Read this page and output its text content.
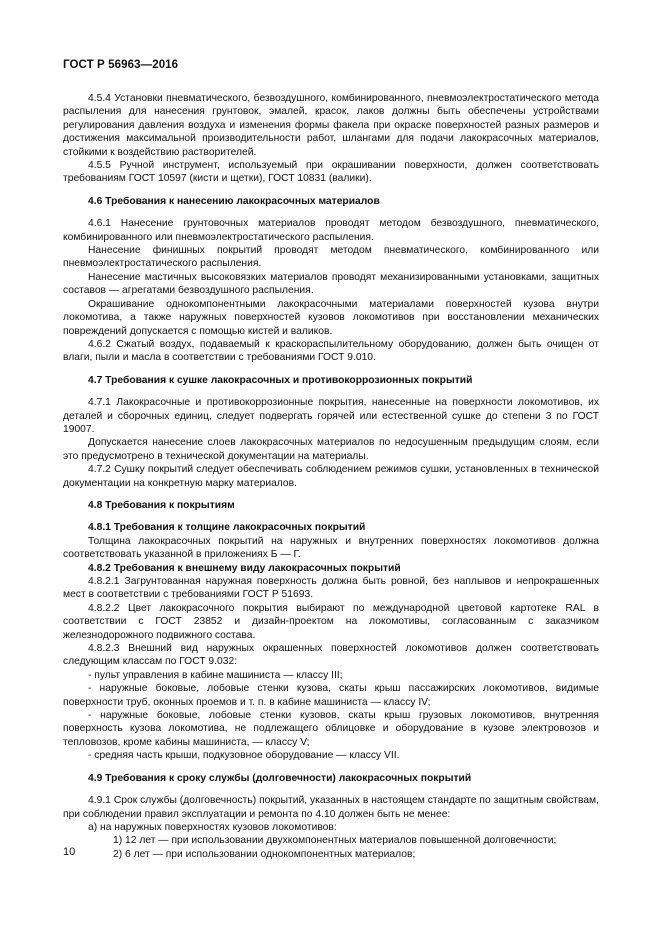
ГОСТ Р 56963—2016

4.5.4 Установки пневматического, безвоздушного, комбинированного, пневмоэлектростатического метода распыления для нанесения грунтовок, эмалей, красок, лаков должны быть обеспечены устройствами регулирования давления воздуха и изменения формы факела при окраске поверхностей разных размеров и достижения максимальной производительности работ, шлангами для подачи лакокрасочных материалов, стойкими к воздействию растворителей.

4.5.5 Ручной инструмент, используемый при окрашивании поверхности, должен соответствовать требованиям ГОСТ 10597 (кисти и щетки), ГОСТ 10831 (валики).

4.6 Требования к нанесению лакокрасочных материалов

4.6.1 Нанесение грунтовочных материалов проводят методом безвоздушного, пневматического, комбинированного или пневмоэлектростатического распыления.

Нанесение финишных покрытий проводят методом пневматического, комбинированного или пневмоэлектростатического распыления.

Нанесение мастичных высоковязких материалов проводят механизированными установками, защитных составов — агрегатами безвоздушного распыления.

Окрашивание однокомпонентными лакокрасочными материалами поверхностей кузова внутри локомотива, а также наружных поверхностей кузовов локомотивов при восстановлении механических повреждений допускается с помощью кистей и валиков.

4.6.2 Сжатый воздух, подаваемый к краскораспылительному оборудованию, должен быть очищен от влаги, пыли и масла в соответствии с требованиями ГОСТ 9.010.

4.7 Требования к сушке лакокрасочных и противокоррозионных покрытий

4.7.1 Лакокрасочные и противокоррозионные покрытия, нанесенные на поверхности локомотивов, их деталей и сборочных единиц, следует подвергать горячей или естественной сушке до степени 3 по ГОСТ 19007.

Допускается нанесение слоев лакокрасочных материалов по недосушенным предыдущим слоям, если это предусмотрено в технической документации на материалы.

4.7.2 Сушку покрытий следует обеспечивать соблюдением режимов сушки, установленных в технической документации на конкретную марку материалов.

4.8 Требования к покрытиям

4.8.1 Требования к толщине лакокрасочных покрытий

Толщина лакокрасочных покрытий на наружных и внутренних поверхностях локомотивов должна соответствовать указанной в приложениях Б — Г.

4.8.2 Требования к внешнему виду лакокрасочных покрытий

4.8.2.1 Загрунтованная наружная поверхность должна быть ровной, без наплывов и непрокрашенных мест в соответствии с требованиями ГОСТ Р 51693.

4.8.2.2 Цвет лакокрасочного покрытия выбирают по международной цветовой картотеке RAL в соответствии с ГОСТ 23852 и дизайн-проектом на локомотивы, согласованным с заказчиком железнодорожного подвижного состава.

4.8.2.3 Внешний вид наружных окрашенных поверхностей локомотивов должен соответствовать следующим классам по ГОСТ 9.032:

- пульт управления в кабине машиниста — классу III;

- наружные боковые, лобовые стенки кузова, скаты крыш пассажирских локомотивов, видимые поверхности труб, оконных проемов и т. п. в кабине машиниста — классу IV;

- наружные боковые, лобовые стенки кузовов, скаты крыш грузовых локомотивов, внутренняя поверхность кузова локомотива, не подлежащего облицовке и оборудование в кузове электровозов и тепловозов, кроме кабины машиниста, — классу V;

- средняя часть крыши, подкузовное оборудование — классу VII.

4.9 Требования к сроку службы (долговечности) лакокрасочных покрытий

4.9.1 Срок службы (долговечность) покрытий, указанных в настоящем стандарте по защитным свойствам, при соблюдении правил эксплуатации и ремонта по 4.10 должен быть не менее:

а) на наружных поверхностях кузовов локомотивов:

1) 12 лет — при использовании двухкомпонентных материалов повышенной долговечности;

2) 6 лет — при использовании однокомпонентных материалов;

10
